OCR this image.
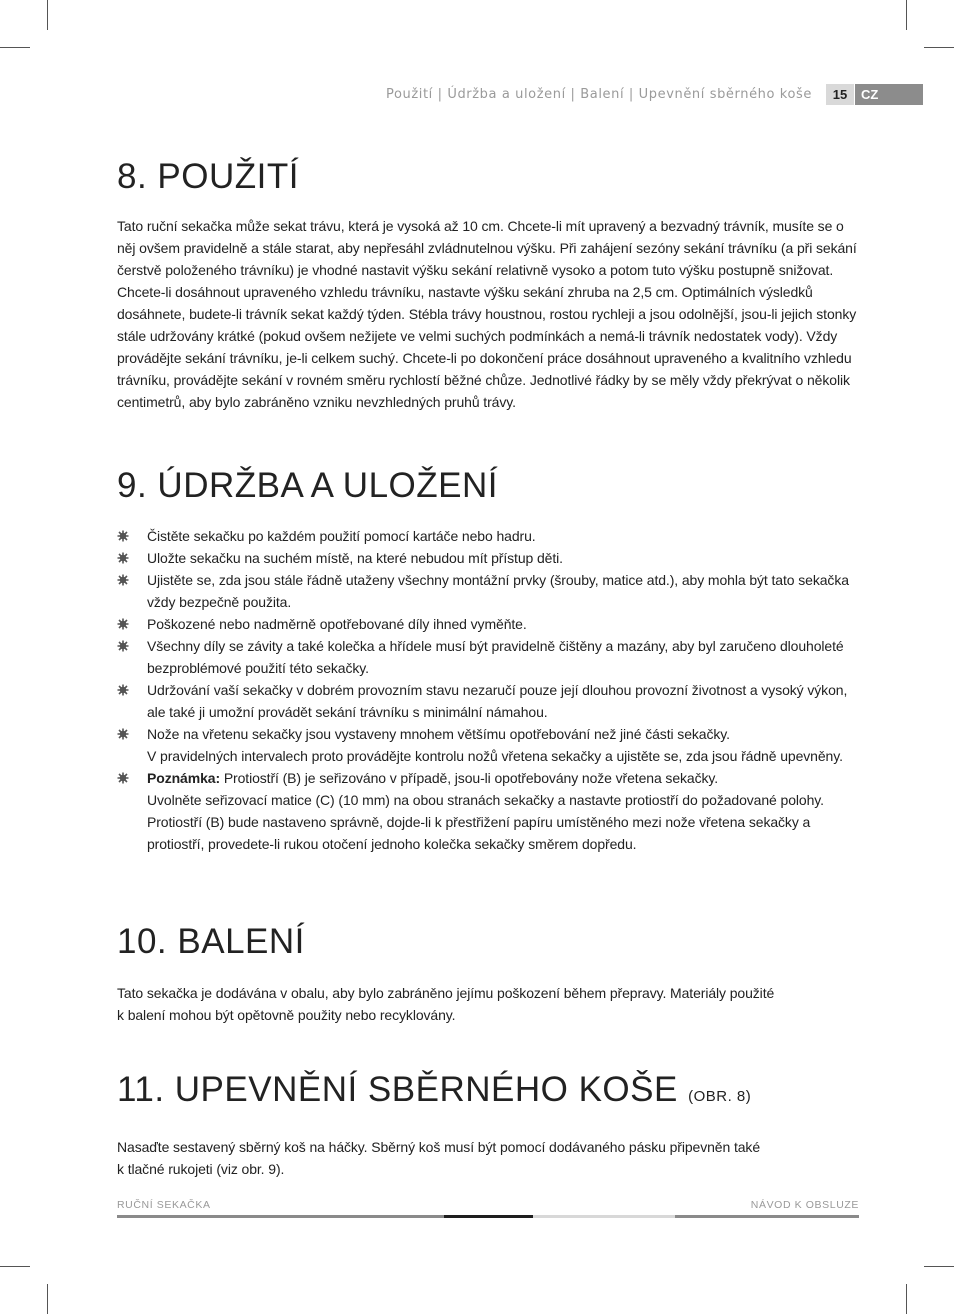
Použití | Údržba a uložení | Balení | Upevnění sběrného koše	15	CZ
8. POUŽITÍ

Tato ruční sekačka může sekat trávu, která je vysoká až 10 cm. Chcete-li mít upravený a bezvadný trávník, musíte se o něj ovšem pravidelně a stále starat, aby nepřesáhl zvládnutelnou výšku. Při zahájení sezóny sekání trávníku (a při sekání čerstvě položeného trávníku) je vhodné nastavit výšku sekání relativně vysoko a potom tuto výšku postupně snižovat. Chcete-li dosáhnout upraveného vzhledu trávníku, nastavte výšku sekání zhruba na 2,5 cm. Optimálních výsledků dosáhnete, budete-li trávník sekat každý týden. Stébla trávy houstnou, rostou rychleji a jsou odolnější, jsou-li jejich stonky stále udržovány krátké (pokud ovšem nežijete ve velmi suchých podmínkách a nemá-li trávník nedostatek vody). Vždy provádějte sekání trávníku, je-li celkem suchý. Chcete-li po dokončení práce dosáhnout upraveného a kvalitního vzhledu trávníku, provádějte sekání v rovném směru rychlostí běžné chůze. Jednotlivé řádky by se měly vždy překrývat o několik centimetrů, aby bylo zabráněno vzniku nevzhledných pruhů trávy.

9. ÚDRŽBA A ULOŽENÍ
Čistěte sekačku po každém použití pomocí kartáče nebo hadru.
Uložte sekačku na suchém místě, na které nebudou mít přístup děti.
Ujistěte se, zda jsou stále řádně utaženy všechny montážní prvky (šrouby, matice atd.), aby mohla být tato sekačka vždy bezpečně použita.
Poškozené nebo nadměrně opotřebované díly ihned vyměňte.
Všechny díly se závity a také kolečka a hřídele musí být pravidelně čištěny a mazány, aby byl zaručeno dlouholeté bezproblémové použití této sekačky.
Udržování vaší sekačky v dobrém provozním stavu nezaručí pouze její dlouhou provozní životnost a vysoký výkon, ale také ji umožní provádět sekání trávníku s minimální námahou.
Nože na vřetenu sekačky jsou vystaveny mnohem většímu opotřebování než jiné části sekačky.
V pravidelných intervalech proto provádějte kontrolu nožů vřetena sekačky a ujistěte se, zda jsou řádně upevněny.
Poznámka: Protiostří (B) je seřizováno v případě, jsou-li opotřebovány nože vřetena sekačky.
Uvolněte seřizovací matice (C) (10 mm) na obou stranách sekačky a nastavte protiostří do požadované polohy. Protiostří (B) bude nastaveno správně, dojde-li k přestřižení papíru umístěného mezi nože vřetena sekačky a protiostří, provedete-li rukou otočení jednoho kolečka sekačky směrem dopředu.
10. BALENÍ

Tato sekačka je dodávána v obalu, aby bylo zabráněno jejímu poškození během přepravy. Materiály použité
k balení mohou být opětovně použity nebo recyklovány.

11. UPEVNĚNÍ SBĚRNÉHO KOŠE (OBR. 8)

Nasaďte sestavený sběrný koš na háčky. Sběrný koš musí být pomocí dodávaného pásku připevněn také
k tlačné rukojeti (viz obr. 9).

RUČNÍ SEKAČKA	NÁVOD K OBSLUZE
